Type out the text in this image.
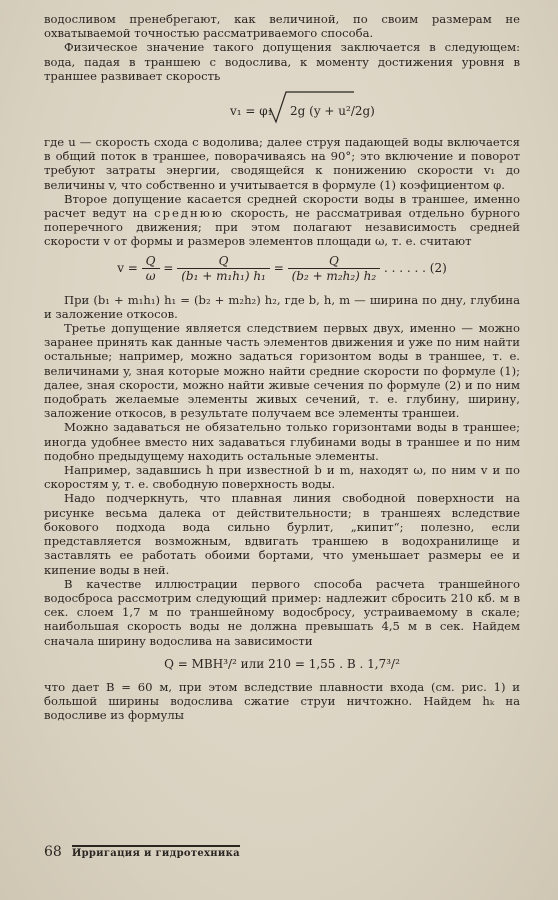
водосливом пренебрегают, как величиной, по своим размерам не охватываемой точностью рассматриваемого способа.

Физическое значение такого допущения заключается в следующем: вода, падая в траншею с водослива, к моменту достижения уровня в траншее развивает скорость

v₁ = φ₁ 2g (y + u²/2g)

где u — скорость схода с водолива; далее струя падающей воды включается в общий поток в траншее, поворачиваясь на 90°; это включение и поворот требуют затраты энергии, сводящейся к понижению скорости v₁ до величины v, что собственно и учитывается в формуле (1) коэфициентом φ.

Второе допущение касается средней скорости воды в траншее, именно расчет ведут на среднюю скорость, не рассматривая отдельно бурного поперечного движения; при этом полагают независимость средней скорости v от формы и размеров элементов площади ω, т. е. считают

$v = \frac{Q}{\omega} = \frac{Q}{\text{(b₁ + m₁h₁) h₁}} = \frac{Q}{\text{(b₂ + m₂h₂) h₂}}$ . . . . . . (2)

При (b₁ + m₁h₁) h₁ = (b₂ + m₂h₂) h₂, где b, h, m — ширина по дну, глубина и заложение откосов.

Третье допущение является следствием первых двух, именно — можно заранее принять как данные часть элементов движения и уже по ним найти остальные; например, можно задаться горизонтом воды в траншее, т. е. величинами y, зная которые можно найти средние скорости по формуле (1); далее, зная скорости, можно найти живые сечения по формуле (2) и по ним подобрать желаемые элементы живых сечений, т. е. глубину, ширину, заложение откосов, в результате получаем все элементы траншеи.

Можно задаваться не обязательно только горизонтами воды в траншее; иногда удобнее вместо них задаваться глубинами воды в траншее и по ним подобно предыдущему находить остальные элементы.

Например, задавшись h при известной b и m, находят ω, по ним v и по скоростям y, т. е. свободную поверхность воды.

Надо подчеркнуть, что плавная линия свободной поверхности на рисунке весьма далека от действительности; в траншеях вследствие бокового подхода вода сильно бурлит, „кипит“; полезно, если представляется возможным, вдвигать траншею в водохранилище и заставлять ее работать обоими бортами, что уменьшает размеры ее и кипение воды в ней.

В качестве иллюстрации первого способа расчета траншейного водосброса рассмотрим следующий пример: надлежит сбросить 210 кб. м в сек. слоем 1,7 м по траншейному водосбросу, устраиваемому в скале; наибольшая скорость воды не должна превышать 4,5 м в сек. Найдем сначала ширину водослива на зависимости

Q = MBH³/² или 210 = 1,55 . B . 1,7³/²

что дает B = 60 м, при этом вследствие плавности входа (см. рис. 1) и большой ширины водослива сжатие струи ничтожно. Найдем hₖ на водосливе из формулы

68 Ирригация и гидротехника
